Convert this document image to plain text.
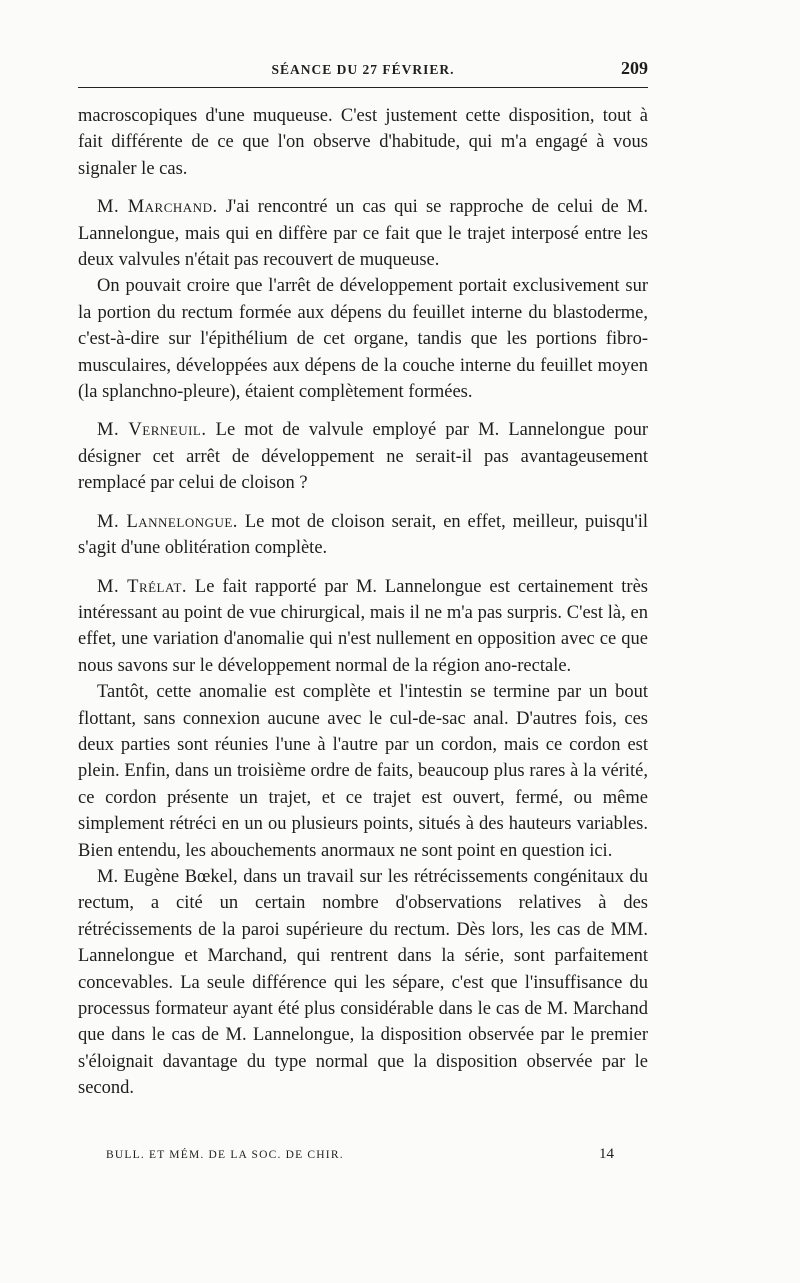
SÉANCE DU 27 FÉVRIER.	209

macroscopiques d'une muqueuse. C'est justement cette disposition, tout à fait différente de ce que l'on observe d'habitude, qui m'a engagé à vous signaler le cas.

M. Marchand. J'ai rencontré un cas qui se rapproche de celui de M. Lannelongue, mais qui en diffère par ce fait que le trajet interposé entre les deux valvules n'était pas recouvert de muqueuse.

On pouvait croire que l'arrêt de développement portait exclusivement sur la portion du rectum formée aux dépens du feuillet interne du blastoderme, c'est-à-dire sur l'épithélium de cet organe, tandis que les portions fibro-musculaires, développées aux dépens de la couche interne du feuillet moyen (la splanchno-pleure), étaient complètement formées.

M. Verneuil. Le mot de valvule employé par M. Lannelongue pour désigner cet arrêt de développement ne serait-il pas avantageusement remplacé par celui de cloison ?

M. Lannelongue. Le mot de cloison serait, en effet, meilleur, puisqu'il s'agit d'une oblitération complète.

M. Trélat. Le fait rapporté par M. Lannelongue est certainement très intéressant au point de vue chirurgical, mais il ne m'a pas surpris. C'est là, en effet, une variation d'anomalie qui n'est nullement en opposition avec ce que nous savons sur le développement normal de la région ano-rectale.

Tantôt, cette anomalie est complète et l'intestin se termine par un bout flottant, sans connexion aucune avec le cul-de-sac anal. D'autres fois, ces deux parties sont réunies l'une à l'autre par un cordon, mais ce cordon est plein. Enfin, dans un troisième ordre de faits, beaucoup plus rares à la vérité, ce cordon présente un trajet, et ce trajet est ouvert, fermé, ou même simplement rétréci en un ou plusieurs points, situés à des hauteurs variables. Bien entendu, les abouchements anormaux ne sont point en question ici.

M. Eugène Bœkel, dans un travail sur les rétrécissements congénitaux du rectum, a cité un certain nombre d'observations relatives à des rétrécissements de la paroi supérieure du rectum. Dès lors, les cas de MM. Lannelongue et Marchand, qui rentrent dans la série, sont parfaitement concevables. La seule différence qui les sépare, c'est que l'insuffisance du processus formateur ayant été plus considérable dans le cas de M. Marchand que dans le cas de M. Lannelongue, la disposition observée par le premier s'éloignait davantage du type normal que la disposition observée par le second.

BULL. ET MÉM. DE LA SOC. DE CHIR.	14
